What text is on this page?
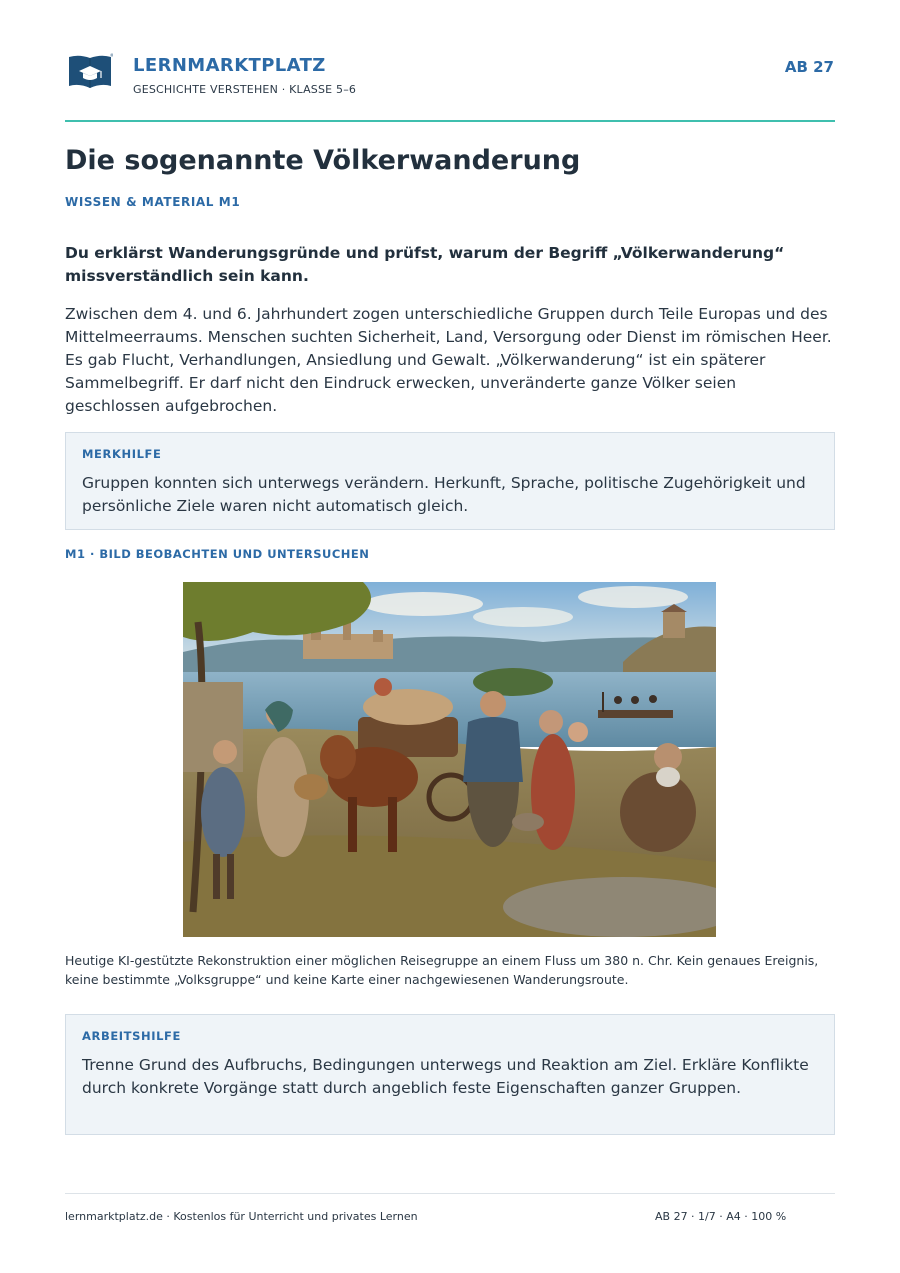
LERNMARKTPLATZ
GESCHICHTE VERSTEHEN · KLASSE 5–6
AB 27
Die sogenannte Völkerwanderung
WISSEN & MATERIAL M1

Du erklärst Wanderungsgründe und prüfst, warum der Begriff „Völkerwanderung“ missverständlich sein kann.

Zwischen dem 4. und 6. Jahrhundert zogen unterschiedliche Gruppen durch Teile Europas und des Mittelmeerraums. Menschen suchten Sicherheit, Land, Versorgung oder Dienst im römischen Heer. Es gab Flucht, Verhandlungen, Ansiedlung und Gewalt. „Völkerwanderung“ ist ein späterer Sammelbegriff. Er darf nicht den Eindruck erwecken, unveränderte ganze Völker seien geschlossen aufgebrochen.

MERKHILFE

Gruppen konnten sich unterwegs verändern. Herkunft, Sprache, politische Zugehörigkeit und persönliche Ziele waren nicht automatisch gleich.

M1 · BILD BEOBACHTEN UND UNTERSUCHEN

Heutige KI-gestützte Rekonstruktion einer möglichen Reisegruppe an einem Fluss um 380 n. Chr. Kein genaues Ereignis, keine bestimmte „Volksgruppe“ und keine Karte einer nachgewiesenen Wanderungsroute.

ARBEITSHILFE

Trenne Grund des Aufbruchs, Bedingungen unterwegs und Reaktion am Ziel. Erkläre Konflikte durch konkrete Vorgänge statt durch angeblich feste Eigenschaften ganzer Gruppen.

lernmarktplatz.de · Kostenlos für Unterricht und privates Lernen	AB 27 · 1/7 · A4 · 100 %
